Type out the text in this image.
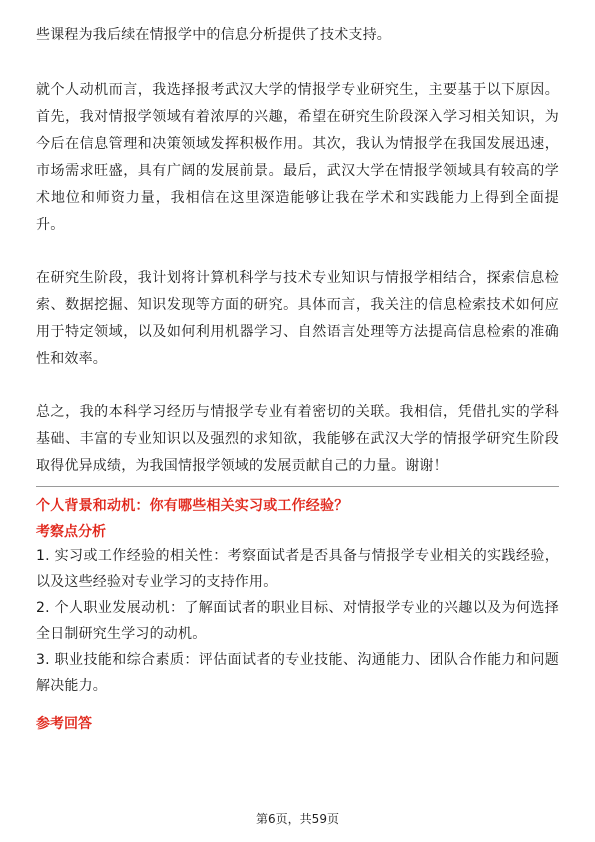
些课程为我后续在情报学中的信息分析提供了技术支持。

就个人动机而言，我选择报考武汉大学的情报学专业研究生，主要基于以下原因。首先，我对情报学领域有着浓厚的兴趣，希望在研究生阶段深入学习相关知识，为今后在信息管理和决策领域发挥积极作用。其次，我认为情报学在我国发展迅速，市场需求旺盛，具有广阔的发展前景。最后，武汉大学在情报学领域具有较高的学术地位和师资力量，我相信在这里深造能够让我在学术和实践能力上得到全面提升。

在研究生阶段，我计划将计算机科学与技术专业知识与情报学相结合，探索信息检索、数据挖掘、知识发现等方面的研究。具体而言，我关注的信息检索技术如何应用于特定领域，以及如何利用机器学习、自然语言处理等方法提高信息检索的准确性和效率。

总之，我的本科学习经历与情报学专业有着密切的关联。我相信，凭借扎实的学科基础、丰富的专业知识以及强烈的求知欲，我能够在武汉大学的情报学研究生阶段取得优异成绩，为我国情报学领域的发展贡献自己的力量。谢谢！

个人背景和动机：你有哪些相关实习或工作经验？

考察点分析

1. 实习或工作经验的相关性：考察面试者是否具备与情报学专业相关的实践经验，以及这些经验对专业学习的支持作用。

2. 个人职业发展动机：了解面试者的职业目标、对情报学专业的兴趣以及为何选择全日制研究生学习的动机。

3. 职业技能和综合素质：评估面试者的专业技能、沟通能力、团队合作能力和问题解决能力。

参考回答

第6页，共59页
